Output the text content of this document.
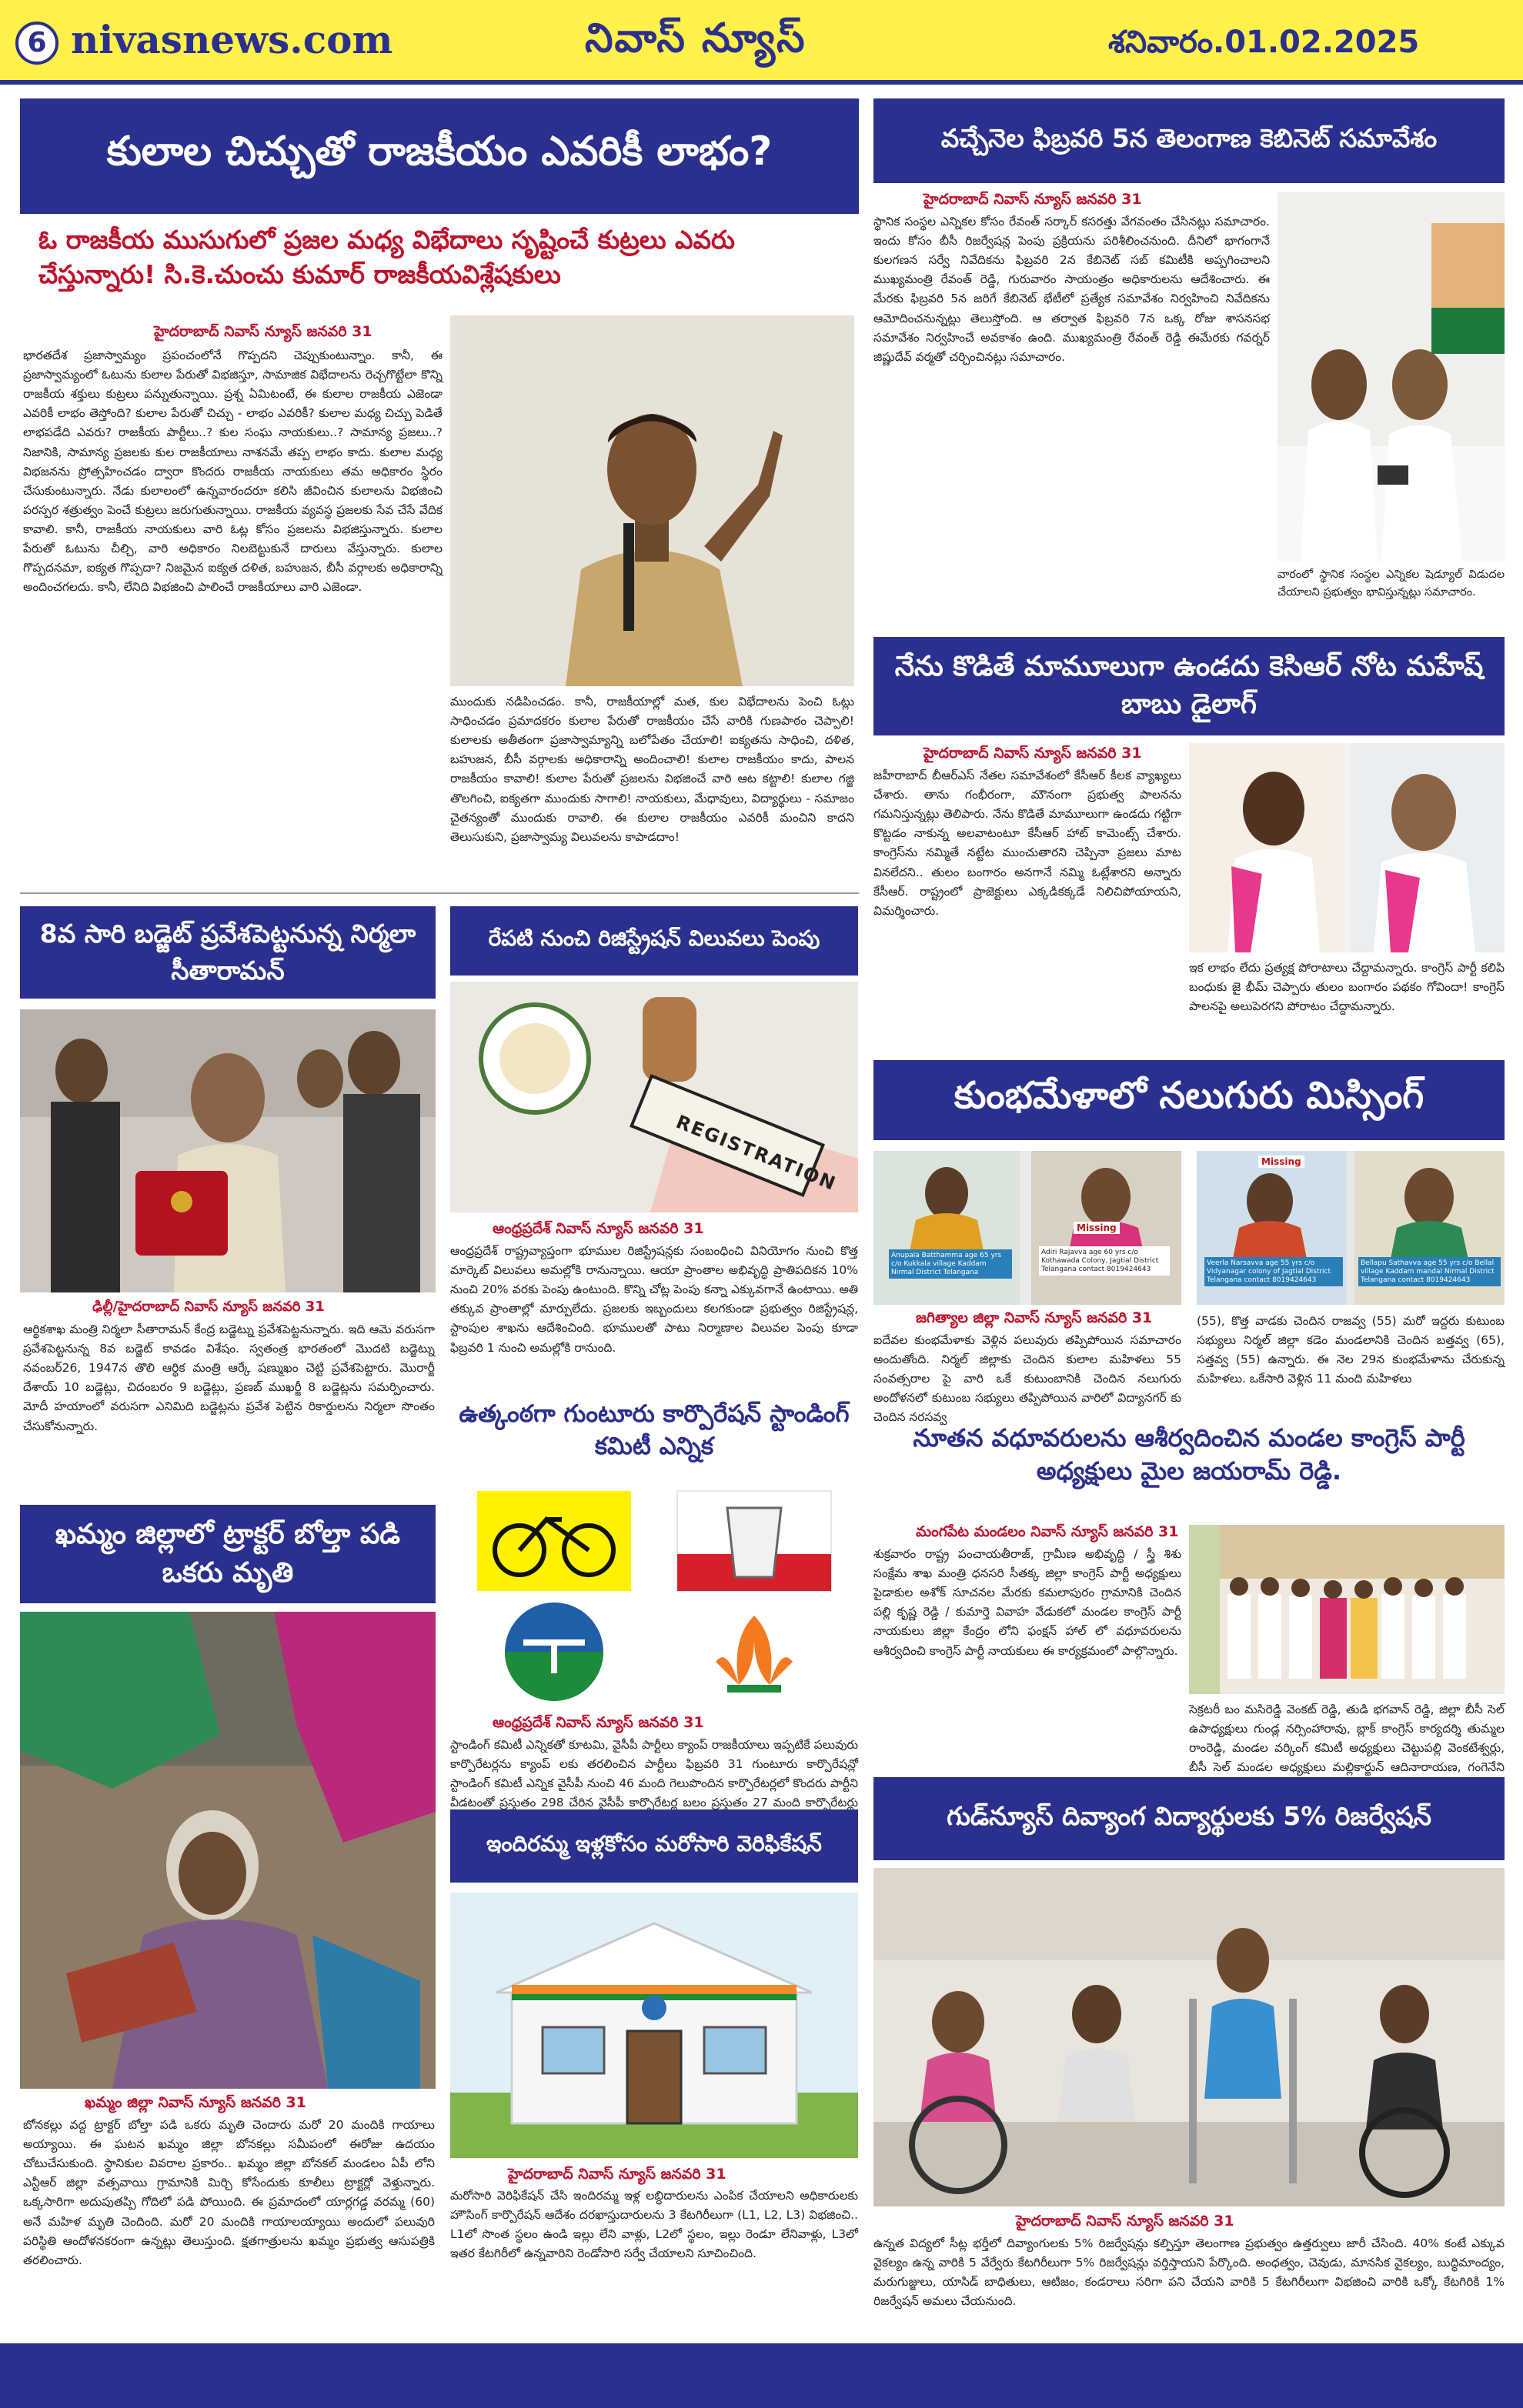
6 nivasnews.com	నివాస్ న్యూస్	శనివారం.01.02.2025
కులాల చిచ్చుతో రాజకీయం ఎవరికీ లాభం?
ఓ రాజకీయ ముసుగులో ప్రజల మధ్య విభేదాలు సృష్టించే కుట్రలు ఎవరు చేస్తున్నారు! సి.కె.చుంచు కుమార్ రాజకీయవిశ్లేషకులు
హైదరాబాద్ నివాస్ న్యూస్ జనవరి 31
భారతదేశ ప్రజాస్వామ్యం ప్రపంచంలోనే గొప్పదని చెప్పుకుంటున్నాం. కానీ, ఈ ప్రజాస్వామ్యంలో ఓటును కులాల పేరుతో విభజిస్తూ, సామాజిక విభేదాలను రెచ్చగొట్టేలా కొన్ని రాజకీయ శక్తులు కుట్రలు పన్నుతున్నాయి. ప్రశ్న ఏమిటంటే, ఈ కులాల రాజకీయ ఎజెండా ఎవరికీ లాభం తెస్తోంది? కులాల పేరుతో చిచ్చు - లాభం ఎవరికీ? కులాల మధ్య చిచ్చు పెడితే లాభపడేది ఎవరు? రాజకీయ పార్టీలు..? కుల సంఘ నాయకులు..? సామాన్య ప్రజలు..? నిజానికి, సామాన్య ప్రజలకు కుల రాజకీయాలు నాశనమే తప్ప లాభం కాదు. కులాల మధ్య విభజనను ప్రోత్సహించడం ద్వారా కొందరు రాజకీయ నాయకులు తమ అధికారం స్థిరం చేసుకుంటున్నారు. నేడు కులాలంలో ఉన్నవారందరూ కలిసి జీవించిన కులాలను విభజించి పరస్పర శత్రుత్వం పెంచే కుట్రలు జరుగుతున్నాయి. రాజకీయ వ్యవస్థ ప్రజలకు సేవ చేసే వేదిక కావాలి. కానీ, రాజకీయ నాయకులు వారి ఓట్ల కోసం ప్రజలను విభజిస్తున్నారు. కులాల పేరుతో ఓటును చీల్చి, వారి అధికారం నిలబెట్టుకునే దారులు వేస్తున్నారు. కులాల గొప్పదనమా, ఐక్యత గొప్పదా? నిజమైన ఐక్యత దళిత, బహుజన, బీసీ వర్గాలకు అధికారాన్ని అందించగలదు. కానీ, లేనిది విభజించి పాలించే రాజకీయాలు వారి ఎజెండా.
ముందుకు నడిపించడం. కానీ, రాజకీయాల్లో మత, కుల విభేదాలను పెంచి ఓట్లు సాధించడం ప్రమాదకరం కులాల పేరుతో రాజకీయం చేసే వారికి గుణపాఠం చెప్పాలి! కులాలకు అతీతంగా ప్రజాస్వామ్యాన్ని బలోపేతం చేయాలి! ఐక్యతను సాధించి, దళిత, బహుజన, బీసీ వర్గాలకు అధికారాన్ని అందించాలి! కులాల రాజకీయం కాదు, పాలన రాజకీయం కావాలి! కులాల పేరుతో ప్రజలను విభజించే వారి ఆట కట్టాలి! కులాల గజ్జి తొలగించి, ఐక్యతగా ముందుకు సాగాలి! నాయకులు, మేధావులు, విద్యార్థులు - సమాజం చైతన్యంతో ముందుకు రావాలి. ఈ కులాల రాజకీయం ఎవరికీ మంచిని కాదని తెలుసుకుని, ప్రజాస్వామ్య విలువలను కాపాడదాం!
వచ్చేనెల ఫిబ్రవరి 5న తెలంగాణ కెబినెట్ సమావేశం
హైదరాబాద్ నివాస్ న్యూస్ జనవరి 31
స్థానిక సంస్థల ఎన్నికల కోసం రేవంత్ సర్కార్ కసరత్తు వేగవంతం చేసినట్లు సమాచారం. ఇందు కోసం బీసీ రిజర్వేషన్ల పెంపు ప్రక్రియను పరిశీలించనుంది. దీనిలో భాగంగానే కులగణన సర్వే నివేదికను ఫిబ్రవరి 2న కేబినెట్ సబ్ కమిటీకి అప్పగించాలని ముఖ్యమంత్రి రేవంత్ రెడ్డి, గురువారం సాయంత్రం అధికారులను ఆదేశించారు. ఈ మేరకు ఫిబ్రవరి 5న జరిగే కేబినెట్ భేటీలో ప్రత్యేక సమావేశం నిర్వహించి నివేదికను ఆమోదించనున్నట్లు తెలుస్తోంది. ఆ తర్వాత ఫిబ్రవరి 7న ఒక్క రోజు శాసనసభ సమావేశం నిర్వహించే అవకాశం ఉంది. ముఖ్యమంత్రి రేవంత్ రెడ్డి ఈమేరకు గవర్నర్ జిష్ణుదేవ్ వర్మతో చర్చించినట్లు సమాచారం.
వారంలో స్థానిక సంస్థల ఎన్నికల షెడ్యూల్ విడుదల చేయాలని ప్రభుత్వం భావిస్తున్నట్లు సమాచారం.
నేను కొడితే మామూలుగా ఉండదు కెసిఆర్ నోట మహేష్ బాబు డైలాగ్
హైదరాబాద్ నివాస్ న్యూస్ జనవరి 31
జహీరాబాద్ బీఆర్ఎస్ నేతల సమావేశంలో కేసీఆర్ కీలక వ్యాఖ్యలు చేశారు. తాను గంభీరంగా, మౌనంగా ప్రభుత్వ పాలనను గమనిస్తున్నట్లు తెలిపారు. నేను కొడితే మామూలుగా ఉండదు గట్టిగా కొట్టడం నాకున్న అలవాటంటూ కేసీఆర్ హాట్ కామెంట్స్ చేశారు. కాంగ్రెస్‌ను నమ్మితే నట్టేట ముంచుతారని చెప్పినా ప్రజలు మాట వినలేదని.. తులం బంగారం అనగానే నమ్మి ఓట్లేశారని అన్నారు కేసీఆర్. రాష్ట్రంలో ప్రాజెక్టులు ఎక్కడికక్కడే నిలిచిపోయాయని, విమర్శించారు.
ఇక లాభం లేదు ప్రత్యక్ష పోరాటాలు చేద్దామన్నారు. కాంగ్రెస్ పార్టీ కలిపి బంధుకు జై భీమ్ చెప్పారు తులం బంగారం పథకం గోవిందా! కాంగ్రెస్ పాలనపై అలుపెరగని పోరాటం చేద్దామన్నారు.
8వ సారి బడ్జెట్ ప్రవేశపెట్టనున్న నిర్మలా సీతారామన్
ఢిల్లీ/హైదరాబాద్ నివాస్ న్యూస్ జనవరి 31
ఆర్థికశాఖ మంత్రి నిర్మలా సీతారామన్ కేంద్ర బడ్జెట్ను ప్రవేశపెట్టనున్నారు. ఇది ఆమె వరుసగా ప్రవేశపెట్టనున్న 8వ బడ్జెట్ కావడం విశేషం. స్వతంత్ర భారతంలో మొదటి బడ్జెట్ను నవంబర్26, 1947న తొలి ఆర్థిక మంత్రి ఆర్కే షణ్ముఖం చెట్టి ప్రవేశపెట్టారు. మొరార్జీ దేశాయ్ 10 బడ్జెట్లు, చిదంబరం 9 బడ్జెట్లు, ప్రణబ్ ముఖర్జీ 8 బడ్జెట్లను సమర్పించారు. మోదీ హయాంలో వరుసగా ఎనిమిది బడ్జెట్లను ప్రవేశ పెట్టిన రికార్డులను నిర్మలా సొంతం చేసుకోనున్నారు.
రేపటి నుంచి రిజిస్ట్రేషన్ విలువలు పెంపు
REGISTRATION
ఆంధ్రప్రదేశ్ నివాస్ న్యూస్ జనవరి 31
ఆంధ్రప్రదేశ్ రాష్ట్రవ్యాప్తంగా భూముల రిజిస్ట్రేషన్లకు సంబంధించి వినియోగం నుంచి కొత్త మార్కెట్ విలువలు అమల్లోకి రానున్నాయి. ఆయా ప్రాంతాల అభివృద్ధి ప్రాతిపదికన 10% నుంచి 20% వరకు పెంపు ఉంటుంది. కొన్ని చోట్ల పెంపు కన్నా ఎక్కువగానే ఉంటాయి. అతి తక్కువ ప్రాంతాల్లో మార్పులేదు. ప్రజలకు ఇబ్బందులు కలగకుండా ప్రభుత్వం రిజిస్ట్రేషన్ల, స్టాంపుల శాఖను ఆదేశించింది. భూములతో పాటు నిర్మాణాల విలువల పెంపు కూడా ఫిబ్రవరి 1 నుంచి అమల్లోకి రానుంది.
ఉత్కంఠగా గుంటూరు కార్పొరేషన్ స్టాండింగ్ కమిటీ ఎన్నిక
ఆంధ్రప్రదేశ్ నివాస్ న్యూస్ జనవరి 31
స్టాండింగ్ కమిటీ ఎన్నికతో కూటమి, వైసీపీ పార్టీలు క్యాంప్ రాజకీయాలు ఇప్పటికే పలువురు కార్పొరేటర్లను క్యాంప్ లకు తరలించిన పార్టీలు ఫిబ్రవరి 31 గుంటూరు కార్పొరేషన్లో స్టాండింగ్ కమిటీ ఎన్నిక వైసీపీ నుంచి 46 మంది గెలుపొందిన కార్పొరేటర్లలో కొందరు పార్టీని వీడటంతో ప్రస్తుతం 298 చేరిన వైసీపీ కార్పొరేటర్ల బలం ప్రస్తుతం 27 మంది కార్పొరేటర్లు
ఇందిరమ్మ ఇళ్లకోసం మరోసారి వెరిఫికేషన్
హైదరాబాద్ నివాస్ న్యూస్ జనవరి 31
మరోసారి వెరిఫికేషన్ చేసి ఇందిరమ్మ ఇళ్ల లబ్ధిదారులను ఎంపిక చేయాలని అధికారులకు హౌసింగ్ కార్పొరేషన్ ఆదేశం దరఖాస్తుదారులను 3 కేటగిరీలుగా (L1, L2, L3) విభజించి.. L1లో సొంత స్థలం ఉండి ఇల్లు లేని వాళ్లు, L2లో స్థలం, ఇల్లు రెండూ లేనివాళ్లు, L3లో ఇతర కేటగిరీలో ఉన్నవారిని రెండోసారి సర్వే చేయాలని సూచించింది.
ఖమ్మం జిల్లాలో ట్రాక్టర్ బోల్తా పడి ఒకరు మృతి
ఖమ్మం జిల్లా నివాస్ న్యూస్ జనవరి 31
బోనకల్లు వద్ద ట్రాక్టర్ బోల్తా పడి ఒకరు మృతి చెందారు మరో 20 మందికి గాయాలు అయ్యాయి. ఈ ఘటన ఖమ్మం జిల్లా బోనకల్లు సమీపంలో ఈరోజు ఉదయం చోటుచేసుకుంది. స్థానికుల వివరాల ప్రకారం.. ఖమ్మం జిల్లా బోనకల్ మండలం ఏపీ లోని ఎన్టీఆర్ జిల్లా వత్సవాయి గ్రామానికి మిర్చి కోసేందుకు కూలీలు ట్రాక్టర్లో వెళ్తున్నారు. ఒక్కసారిగా అదుపుతప్పి గోదిలో పడి పోయింది. ఈ ప్రమాదంలో యార్లగడ్డ వరమ్మ (60) అనే మహిళ మృతి చెందింది. మరో 20 మందికి గాయాలయ్యాయి అందులో పలువురి పరిస్థితి ఆందోళనకరంగా ఉన్నట్లు తెలుస్తుంది. క్షతగాత్రులను ఖమ్మం ప్రభుత్వ ఆసుపత్రికి తరలించారు.
కుంభమేళాలో నలుగురు మిస్సింగ్
Anupala Batthamma age 65 yrs c/o Kukkala village Kaddam Nirmal District Telangana
Missing
Adiri Rajavva age 60 yrs c/o Kothawada Colony, Jagtial District Telangana contact 8019424643
Missing
Veerla Narsavva age 55 yrs c/o Vidyanagar colony of Jagtial District Telangana contact 8019424643
Bellapu Sathavva age 55 yrs c/o Bellal village Kaddam mandal Nirmal District Telangana contact 8019424643
జగిత్యాల జిల్లా నివాస్ న్యూస్ జనవరి 31
ఐదేవల కుంభమేళాకు వెళ్లిన పలువురు తప్పిపోయిన సమాచారం అందుతోంది. నిర్మల్ జిల్లాకు చెందిన కులాల మహిళలు 55 సంవత్సరాల పై వారి ఒకే కుటుంబానికి చెందిన నలుగురు అందోళనలో కుటుంబ సభ్యులు తప్పిపోయిన వారిలో విద్యానగర్ కు చెందిన నరసవ్వ
(55), కొత్త వాడకు చెందిన రాజవ్వ (55) మరో ఇద్దరు కుటుంబ సభ్యులు నిర్మల్ జిల్లా కడెం మండలానికి చెందిన బత్తవ్వ (65), సత్తవ్వ (55) ఉన్నారు. ఈ నెల 29న కుంభమేళాను చేరుకున్న మహిళలు. ఒకేసారి వెళ్లిన 11 మంది మహిళలు
నూతన వధూవరులను ఆశీర్వదించిన మండల కాంగ్రెస్ పార్టీ అధ్యక్షులు మైల జయరామ్ రెడ్డి.
మంగపేట మండలం నివాస్ న్యూస్ జనవరి 31
శుక్రవారం రాష్ట్ర పంచాయతీరాజ్, గ్రామీణ అభివృద్ధి / స్త్రీ శిశు సంక్షేమ శాఖ మంత్రి ధనసరి సీతక్క జిల్లా కాంగ్రెస్ పార్టీ అధ్యక్షులు పైడాకుల అశోక్ సూచనల మేరకు కమలాపురం గ్రామానికి చెందిన పల్లి కృష్ణ రెడ్డి / కుమార్తె వివాహ వేడుకలో మండల కాంగ్రెస్ పార్టీ నాయకులు జిల్లా కేంద్రం లోని ఫంక్షన్ హాల్ లో వధూవరులను ఆశీర్వదించి కాంగ్రెస్ పార్టీ నాయకులు ఈ కార్యక్రమంలో పాల్గొన్నారు.
సెక్రటరీ బం మసిరెడ్డి వెంకట్ రెడ్డి, తుడి భగవాన్ రెడ్డి, జిల్లా బీసీ సెల్ ఉపాధ్యక్షులు గుండ్ల నర్సింహారావు, బ్లాక్ కాంగ్రెస్ కార్యదర్శి తుమ్మల రాంరెడ్డి, మండల వర్కింగ్ కమిటీ అధ్యక్షులు చెట్టుపల్లి వెంకటేశ్వర్లు, బీసీ సెల్ మండల అధ్యక్షులు మల్లికార్జున్ ఆదినారాయణ, గంగెనేని
గుడ్‌న్యూస్ దివ్యాంగ విద్యార్థులకు 5% రిజర్వేషన్
హైదరాబాద్ నివాస్ న్యూస్ జనవరి 31
ఉన్నత విద్యలో సీట్ల భర్తీలో దివ్యాంగులకు 5% రిజర్వేషన్లు కల్పిస్తూ తెలంగాణ ప్రభుత్వం ఉత్తర్వులు జారీ చేసింది. 40% కంటే ఎక్కువ వైకల్యం ఉన్న వారికి 5 వేర్వేరు కేటగిరీలుగా 5% రిజర్వేషన్లు వర్తిస్తాయని పేర్కొంది. అంధత్వం, చెవుడు, మానసిక వైకల్యం, బుద్ధిమాంద్యం, మరుగుజ్జులు, యాసిడ్ బాధితులు, ఆటిజం, కండరాలు సరిగా పని చేయని వారికి 5 కేటగిరీలుగా విభజించి వారికి ఒక్కో కేటగిరికి 1% రిజర్వేషన్ అమలు చేయనుంది.
